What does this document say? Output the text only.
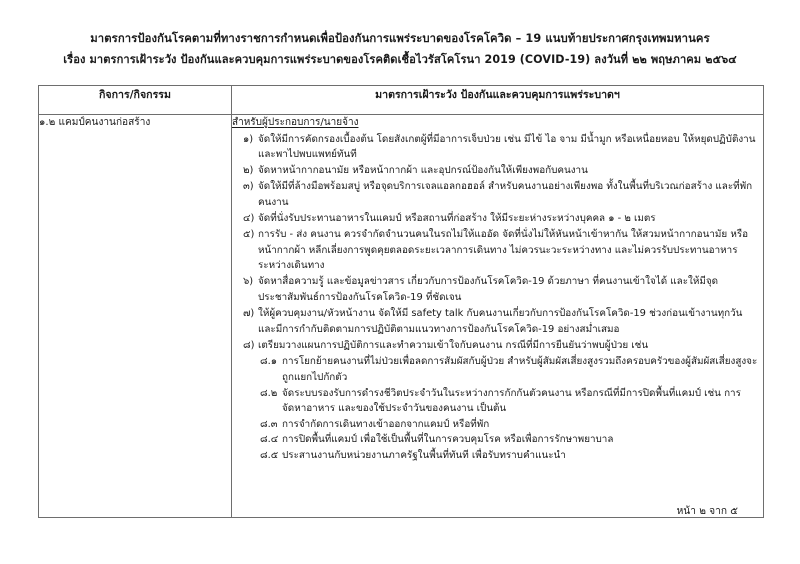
มาตรการป้องกันโรคตามที่ทางราชการกำหนดเพื่อป้องกันการแพร่ระบาดของโรคโควิด – 19 แนบท้ายประกาศกรุงเทพมหานคร
เรื่อง มาตรการเฝ้าระวัง ป้องกันและควบคุมการแพร่ระบาดของโรคติดเชื้อไวรัสโคโรนา 2019 (COVID-19) ลงวันที่ ๒๒ พฤษภาคม ๒๕๖๔
กิจการ/กิจกรรม	มาตรการเฝ้าระวัง ป้องกันและควบคุมการแพร่ระบาดฯ
๑.๒ แคมป์คนงานก่อสร้าง	สำหรับผู้ประกอบการ/นายจ้าง
๑) จัดให้มีการคัดกรองเบื้องต้น โดยสังเกตผู้ที่มีอาการเจ็บป่วย เช่น มีไข้ ไอ จาม มีน้ำมูก หรือเหนื่อยหอบ ให้หยุดปฏิบัติงานและพาไปพบแพทย์ทันที
๒) จัดหาหน้ากากอนามัย หรือหน้ากากผ้า และอุปกรณ์ป้องกันให้เพียงพอกับคนงาน
๓) จัดให้มีที่ล้างมือพร้อมสบู่ หรือจุดบริการเจลแอลกอฮอล์ สำหรับคนงานอย่างเพียงพอ ทั้งในพื้นที่บริเวณก่อสร้าง และที่พักคนงาน
๔) จัดที่นั่งรับประทานอาหารในแคมป์ หรือสถานที่ก่อสร้าง ให้มีระยะห่างระหว่างบุคคล ๑ - ๒ เมตร
๕) การรับ - ส่ง คนงาน ควรจำกัดจำนวนคนในรถไม่ให้แออัด จัดที่นั่งไม่ให้หันหน้าเข้าหากัน ให้สวมหน้ากากอนามัย หรือหน้ากากผ้า หลีกเลี่ยงการพูดคุยตลอดระยะเวลาการเดินทาง ไม่ควรนะวะระหว่างทาง และไม่ควรรับประทานอาหารระหว่างเดินทาง
๖) จัดหาสื่อความรู้ และข้อมูลข่าวสาร เกี่ยวกับการป้องกันโรคโควิด-19 ด้วยภาษา ที่คนงานเข้าใจได้ และให้มีจุดประชาสัมพันธ์การป้องกันโรคโควิด-19 ที่ชัดเจน
๗) ให้ผู้ควบคุมงาน/หัวหน้างาน จัดให้มี safety talk กับคนงานเกี่ยวกับการป้องกันโรคโควิด-19 ช่วงก่อนเข้างานทุกวัน และมีการกำกับติดตามการปฏิบัติตามแนวทางการป้องกันโรคโควิด-19 อย่างสม่ำเสมอ
๘) เตรียมวางแผนการปฏิบัติการและทำความเข้าใจกับคนงาน กรณีที่มีการยืนยันว่าพบผู้ป่วย เช่น
๘.๑ การโยกย้ายคนงานที่ไม่ป่วยเพื่อลดการสัมผัสกับผู้ป่วย สำหรับผู้สัมผัสเสี่ยงสูงรวมถึงครอบครัวของผู้สัมผัสเสี่ยงสูงจะถูกแยกไปกักตัว
๘.๒ จัดระบบรองรับการดำรงชีวิตประจำวันในระหว่างการกักกันตัวคนงาน หรือกรณีที่มีการปิดพื้นที่แคมป์ เช่น การจัดหาอาหาร และของใช้ประจำวันของคนงาน เป็นต้น
๘.๓ การจำกัดการเดินทางเข้าออกจากแคมป์ หรือที่พัก
๘.๔ การปิดพื้นที่แคมป์ เพื่อใช้เป็นพื้นที่ในการควบคุมโรค หรือเพื่อการรักษาพยาบาล
๘.๕ ประสานงานกับหน่วยงานภาครัฐในพื้นที่ทันที เพื่อรับทราบคำแนะนำ
หน้า ๒ จาก ๕
